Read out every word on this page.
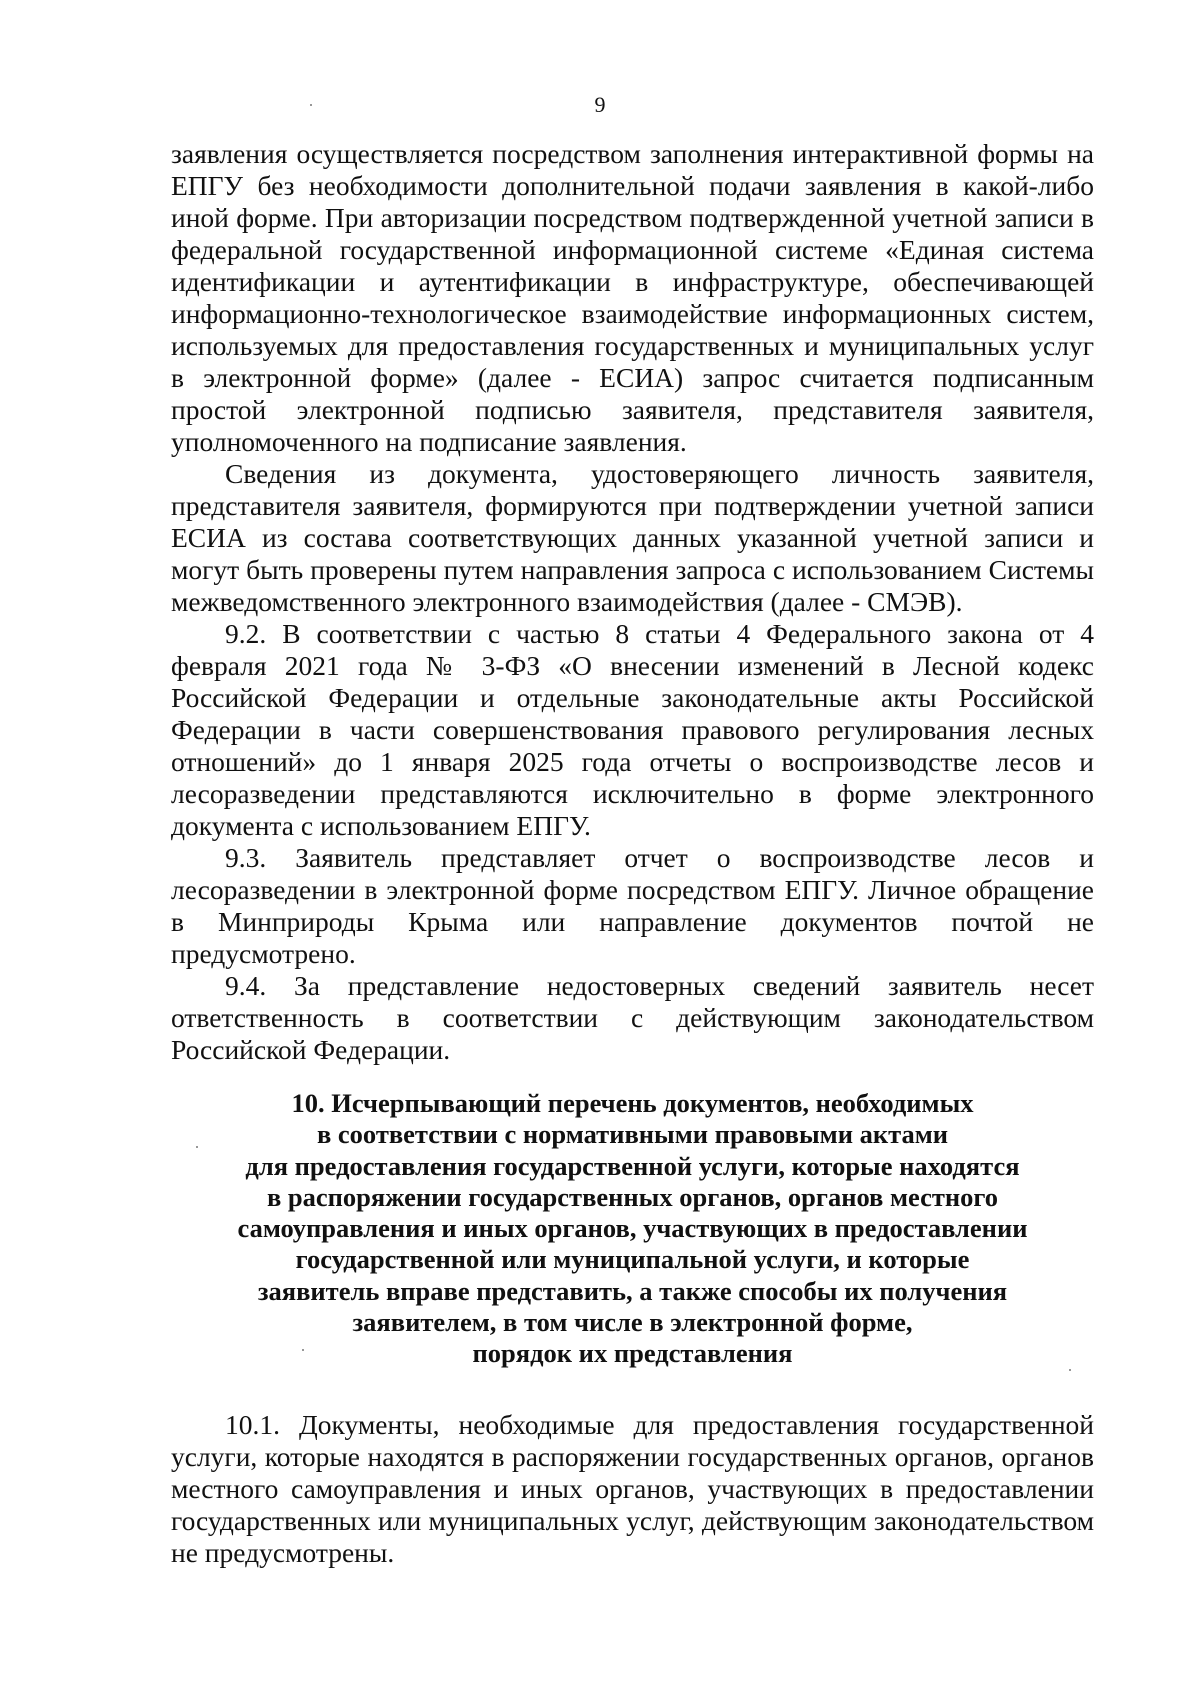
9

заявления осуществляется посредством заполнения интерактивной формы на ЕПГУ без необходимости дополнительной подачи заявления в какой-либо иной форме. При авторизации посредством подтвержденной учетной записи в федеральной государственной информационной системе «Единая система идентификации и аутентификации в инфраструктуре, обеспечивающей информационно-технологическое взаимодействие информационных систем, используемых для предоставления государственных и муниципальных услуг в электронной форме» (далее - ЕСИА) запрос считается подписанным простой электронной подписью заявителя, представителя заявителя, уполномоченного на подписание заявления.

Сведения из документа, удостоверяющего личность заявителя, представителя заявителя, формируются при подтверждении учетной записи ЕСИА из состава соответствующих данных указанной учетной записи и могут быть проверены путем направления запроса с использованием Системы межведомственного электронного взаимодействия (далее - СМЭВ).

9.2. В соответствии с частью 8 статьи 4 Федерального закона от 4 февраля 2021 года № 3-ФЗ «О внесении изменений в Лесной кодекс Российской Федерации и отдельные законодательные акты Российской Федерации в части совершенствования правового регулирования лесных отношений» до 1 января 2025 года отчеты о воспроизводстве лесов и лесоразведении представляются исключительно в форме электронного документа с использованием ЕПГУ.

9.3. Заявитель представляет отчет о воспроизводстве лесов и лесоразведении в электронной форме посредством ЕПГУ. Личное обращение в Минприроды Крыма или направление документов почтой не предусмотрено.

9.4. За представление недостоверных сведений заявитель несет ответственность в соответствии с действующим законодательством Российской Федерации.

10. Исчерпывающий перечень документов, необходимых
в соответствии с нормативными правовыми актами
для предоставления государственной услуги, которые находятся
в распоряжении государственных органов, органов местного
самоуправления и иных органов, участвующих в предоставлении
государственной или муниципальной услуги, и которые
заявитель вправе представить, а также способы их получения
заявителем, в том числе в электронной форме,
порядок их представления

10.1. Документы, необходимые для предоставления государственной услуги, которые находятся в распоряжении государственных органов, органов местного самоуправления и иных органов, участвующих в предоставлении государственных или муниципальных услуг, действующим законодательством не предусмотрены.
